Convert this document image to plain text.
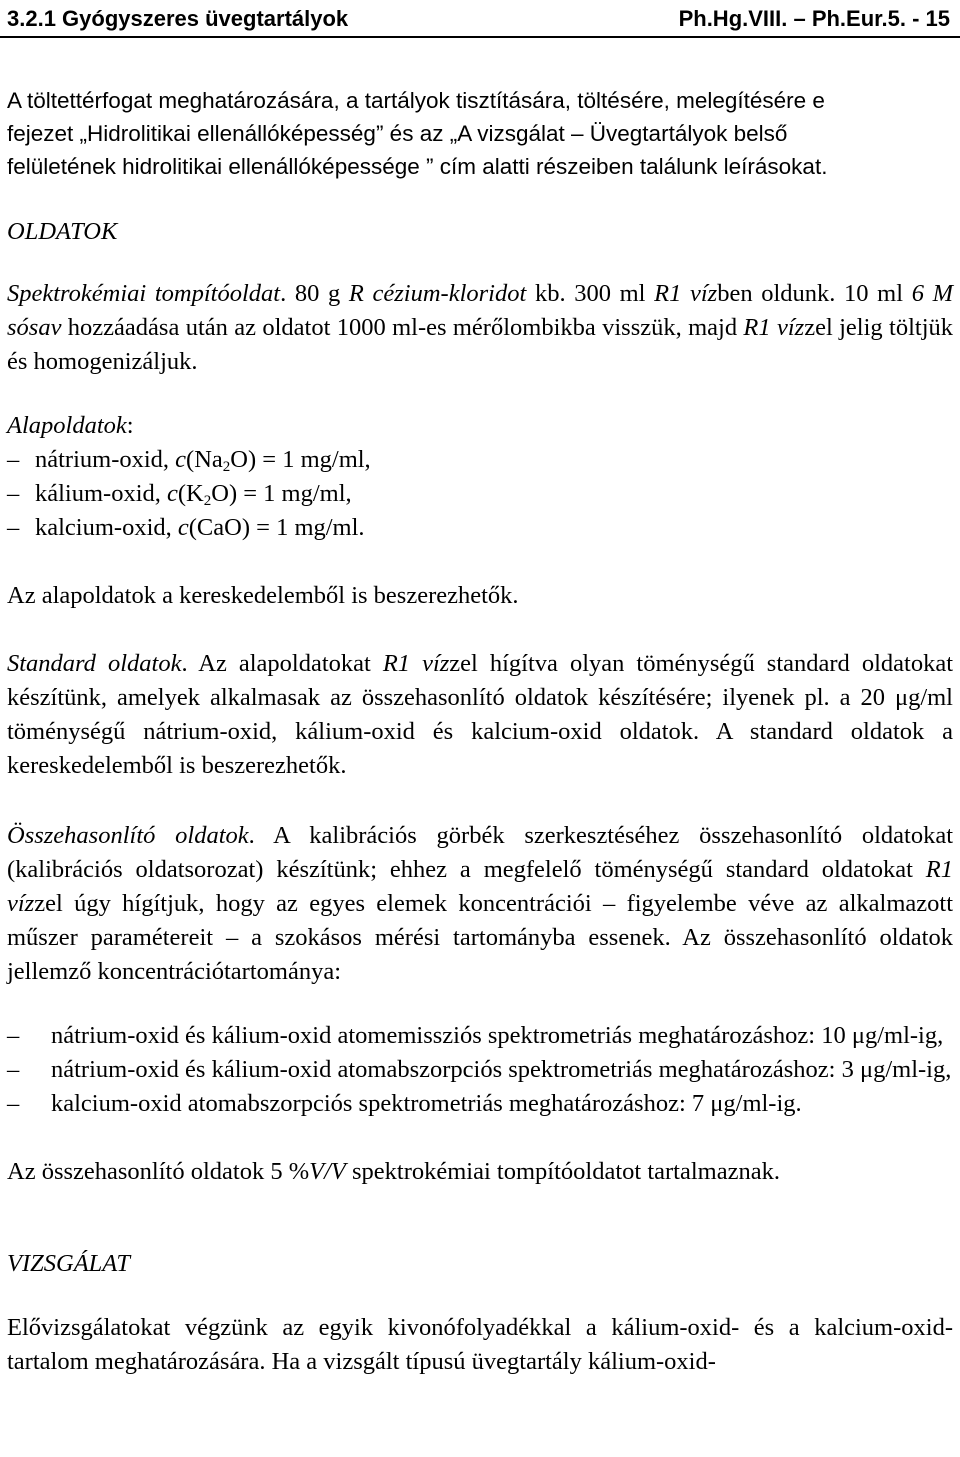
3.2.1 Gyógyszeres üvegtartályok	Ph.Hg.VIII. – Ph.Eur.5. - 15
A töltettérfogat meghatározására, a tartályok tisztítására, töltésére, melegítésére e
fejezet „Hidrolitikai ellenállóképesség” és az „A vizsgálat – Üvegtartályok belső
felületének hidrolitikai ellenállóképessége ” cím alatti részeiben találunk leírásokat.

OLDATOK

Spektrokémiai tompítóoldat. 80 g R cézium-kloridot kb. 300 ml R1 vízben oldunk. 10 ml 6 M sósav hozzáadása után az oldatot 1000 ml-es mérőlombikba visszük, majd R1 vízzel jelig töltjük és homogenizáljuk.

Alapoldatok:

– nátrium-oxid, $c(Na_2O) = 1$ mg/ml,
– kálium-oxid, $c(K_2O) = 1$ mg/ml,
– kalcium-oxid, c(CaO) = 1 mg/ml.

Az alapoldatok a kereskedelemből is beszerezhetők.

Standard oldatok. Az alapoldatokat R1 vízzel hígítva olyan töménységű standard oldatokat készítünk, amelyek alkalmasak az összehasonlító oldatok készítésére; ilyenek pl. a 20 μg/ml töménységű nátrium-oxid, kálium-oxid és kalcium-oxid oldatok. A standard oldatok a kereskedelemből is beszerezhetők.

Összehasonlító oldatok. A kalibrációs görbék szerkesztéséhez összehasonlító oldatokat (kalibrációs oldatsorozat) készítünk; ehhez a megfelelő töménységű standard oldatokat R1 vízzel úgy hígítjuk, hogy az egyes elemek koncentrációi – figyelembe véve az alkalmazott műszer paramétereit – a szokásos mérési tartományba essenek. Az összehasonlító oldatok jellemző koncentrációtartománya:

– nátrium-oxid és kálium-oxid atomemissziós spektrometriás meghatározáshoz: 10 μg/ml-ig,
– nátrium-oxid és kálium-oxid atomabszorpciós spektrometriás meghatározáshoz: 3 μg/ml-ig,
– kalcium-oxid atomabszorpciós spektrometriás meghatározáshoz: 7 μg/ml-ig.

Az összehasonlító oldatok 5 %V/V spektrokémiai tompítóoldatot tartalmaznak.

VIZSGÁLAT

Elővizsgálatokat végzünk az egyik kivonófolyadékkal a kálium-oxid- és a kalcium-oxid-tartalom meghatározására. Ha a vizsgált típusú üvegtartály kálium-oxid-
